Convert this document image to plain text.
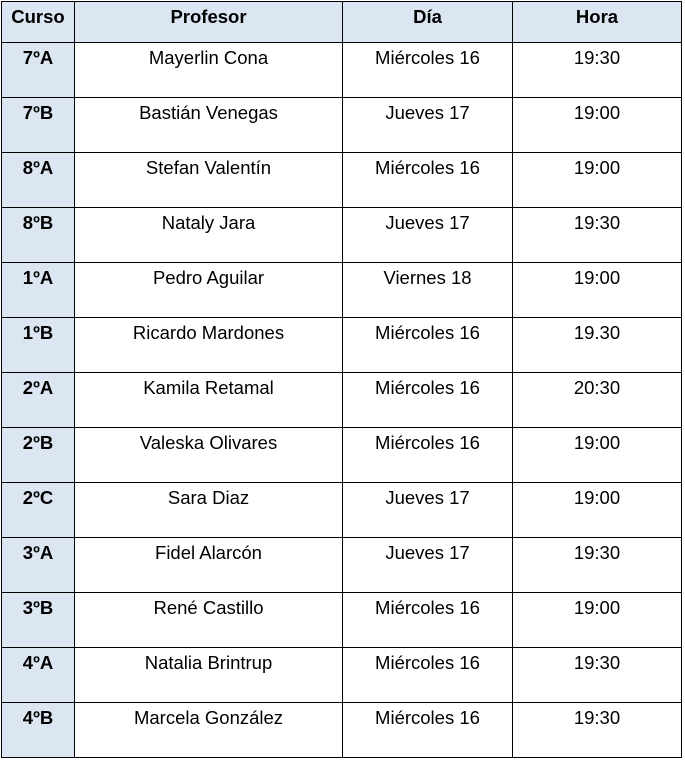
Curso	Profesor	Día	Hora
7ºA	Mayerlin Cona	Miércoles 16	19:30
7ºB	Bastián Venegas	Jueves 17	19:00
8ºA	Stefan Valentín	Miércoles 16	19:00
8ºB	Nataly Jara	Jueves 17	19:30
1ºA	Pedro Aguilar	Viernes 18	19:00
1ºB	Ricardo Mardones	Miércoles 16	19.30
2ºA	Kamila Retamal	Miércoles 16	20:30
2ºB	Valeska Olivares	Miércoles 16	19:00
2ºC	Sara Diaz	Jueves 17	19:00
3ºA	Fidel Alarcón	Jueves 17	19:30
3ºB	René Castillo	Miércoles 16	19:00
4ºA	Natalia Brintrup	Miércoles 16	19:30
4ºB	Marcela González	Miércoles 16	19:30
